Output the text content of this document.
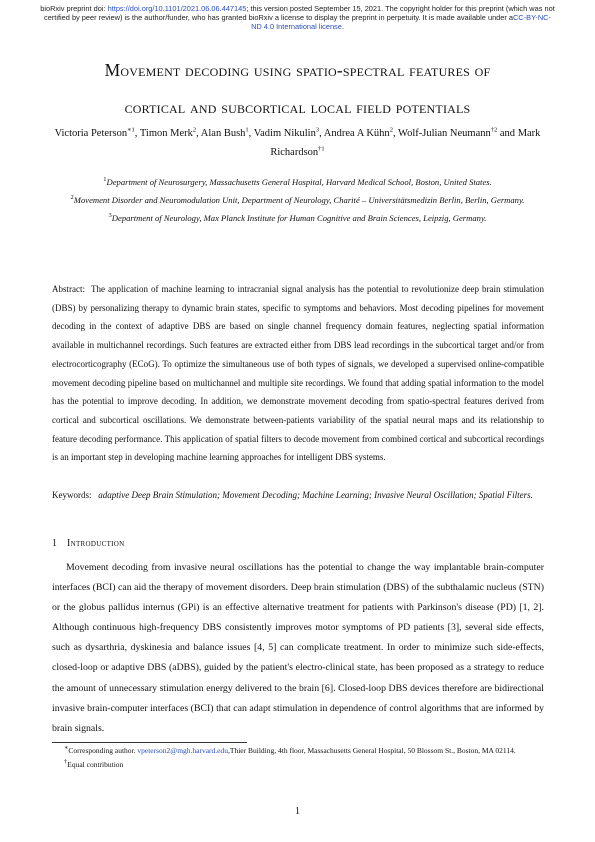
bioRxiv preprint doi: https://doi.org/10.1101/2021.06.06.447145; this version posted September 15, 2021. The copyright holder for this preprint (which was not certified by peer review) is the author/funder, who has granted bioRxiv a license to display the preprint in perpetuity. It is made available under aCC-BY-NC-ND 4.0 International license.
Movement decoding using spatio-spectral features of
cortical and subcortical local field potentials
Victoria Peterson$^{∗1}$, Timon Merk$^2$, Alan Bush$^1$, Vadim Nikulin$^3$, Andrea A Kühn$^2$, Wolf-Julian Neumann$^{\dagger 2}$ and Mark Richardson$^{\dagger 1}$
$^1$Department of Neurosurgery, Massachusetts General Hospital, Harvard Medical School, Boston, United States.
$^2$Movement Disorder and Neuromodulation Unit, Department of Neurology, Charité – Universitätsmedizin Berlin, Berlin, Germany.
$^3$Department of Neurology, Max Planck Institute for Human Cognitive and Brain Sciences, Leipzig, Germany.
Abstract: The application of machine learning to intracranial signal analysis has the potential to revolutionize deep brain stimulation (DBS) by personalizing therapy to dynamic brain states, specific to symptoms and behaviors. Most decoding pipelines for movement decoding in the context of adaptive DBS are based on single channel frequency domain features, neglecting spatial information available in multichannel recordings. Such features are extracted either from DBS lead recordings in the subcortical target and/or from electrocorticography (ECoG). To optimize the simultaneous use of both types of signals, we developed a supervised online-compatible movement decoding pipeline based on multichannel and multiple site recordings. We found that adding spatial information to the model has the potential to improve decoding. In addition, we demonstrate movement decoding from spatio-spectral features derived from cortical and subcortical oscillations. We demonstrate between-patients variability of the spatial neural maps and its relationship to feature decoding performance. This application of spatial filters to decode movement from combined cortical and subcortical recordings is an important step in developing machine learning approaches for intelligent DBS systems.
Keywords: adaptive Deep Brain Stimulation; Movement Decoding; Machine Learning; Invasive Neural Oscillation; Spatial Filters.
1 Introduction
Movement decoding from invasive neural oscillations has the potential to change the way implantable brain-computer interfaces (BCI) can aid the therapy of movement disorders. Deep brain stimulation (DBS) of the subthalamic nucleus (STN) or the globus pallidus internus (GPi) is an effective alternative treatment for patients with Parkinson's disease (PD) [1, 2]. Although continuous high-frequency DBS consistently improves motor symptoms of PD patients [3], several side effects, such as dysarthria, dyskinesia and balance issues [4, 5] can complicate treatment. In order to minimize such side-effects, closed-loop or adaptive DBS (aDBS), guided by the patient's electro-clinical state, has been proposed as a strategy to reduce the amount of unnecessary stimulation energy delivered to the brain [6]. Closed-loop DBS devices therefore are bidirectional invasive brain-computer interfaces (BCI) that can adapt stimulation in dependence of control algorithms that are informed by brain signals.
∗Corresponding author. vpeterson2@mgh.harvard.edu,Thier Building, 4th floor, Massachusetts General Hospital, 50 Blossom St., Boston, MA 02114.
†Equal contribution
1
